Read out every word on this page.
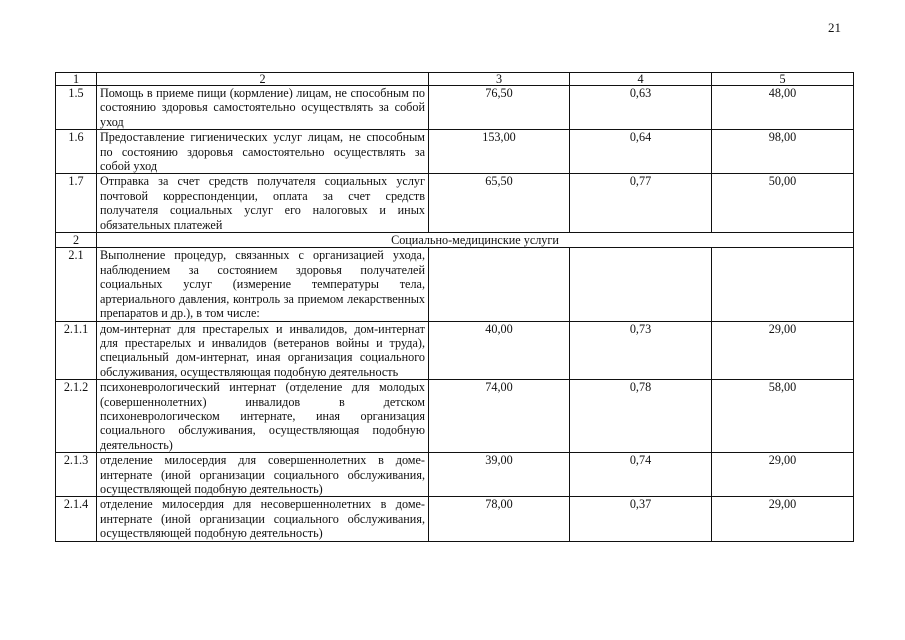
21
1	2	3	4	5
1.5	Помощь в приеме пищи (кормление) лицам, не способным по состоянию здоровья самостоятельно осуществлять за собой уход	76,50	0,63	48,00
1.6	Предоставление гигиенических услуг лицам, не способным по состоянию здоровья самостоятельно осуществлять за собой уход	153,00	0,64	98,00
1.7	Отправка за счет средств получателя социальных услуг почтовой корреспонденции, оплата за счет средств получателя социальных услуг его налоговых и иных обязательных платежей	65,50	0,77	50,00
2	Социально-медицинские услуги			
2.1	Выполнение процедур, связанных с организацией ухода, наблюдением за состоянием здоровья получателей социальных услуг (измерение температуры тела, артериального давления, контроль за приемом лекарственных препаратов и др.), в том числе:			
2.1.1	дом-интернат для престарелых и инвалидов, дом-интернат для престарелых и инвалидов (ветеранов войны и труда), специальный дом-интернат, иная организация социального обслуживания, осуществляющая подобную деятельность	40,00	0,73	29,00
2.1.2	психоневрологический интернат (отделение для молодых (совершеннолетних) инвалидов в детском психоневрологическом интернате, иная организация социального обслуживания, осуществляющая подобную деятельность)	74,00	0,78	58,00
2.1.3	отделение милосердия для совершеннолетних в доме-интернате (иной организации социального обслуживания, осуществляющей подобную деятельность)	39,00	0,74	29,00
2.1.4	отделение милосердия для несовершеннолетних в доме-интернате (иной организации социального обслуживания, осуществляющей подобную деятельность)	78,00	0,37	29,00
